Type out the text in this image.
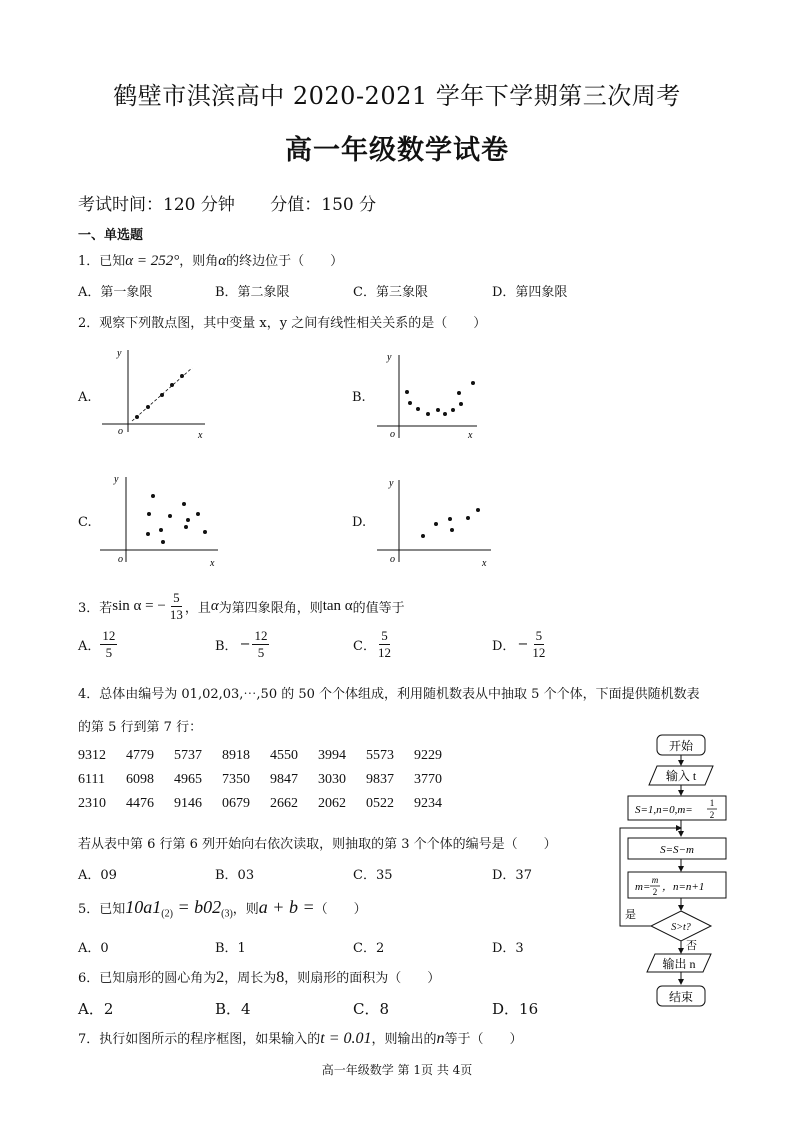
鹤壁市淇滨高中 2020-2021 学年下学期第三次周考
高一年级数学试卷
考试时间：120 分钟 分值：150 分
一、单选题
1．已知α = 252°，则角α的终边位于（　　）
A．第一象限	B．第二象限	C．第三象限	D．第四象限
2．观察下列散点图，其中变量 x，y 之间有线性相关关系的是（　　）
A.	B.
C.	D.
y
x
o
y
x
o
y
x
o
y
x
o
3．若 sin α = − $\frac{5}{13}$ ，且 α 为第四象限角，则 tan α 的值等于
A． $\frac{12}{5}$	B． − $\frac{12}{5}$	C． $\frac{5}{12}$	D． − $\frac{5}{12}$
4．总体由编号为 01,02,03,⋯,50 的 50 个个体组成，利用随机数表从中抽取 5 个个体，下面提供随机数表
的第 5 行到第 7 行：
9312 4779 5737 8918 4550 3994 5573 9229
6111 6098 4965 7350 9847 3030 9837 3770
2310 4476 9146 0679 2662 2062 0522 9234
若从表中第 6 行第 6 列开始向右依次读取，则抽取的第 3 个个体的编号是（　　）
A．09	B．03	C．35	D．37
5．已知$10a1_{(2)} = b02_{(3)}$，则a + b =（　　）
A．0	B．1	C．2	D．3
6．已知扇形的圆心角为2，周长为8，则扇形的面积为（　　）
A．2	B．4	C．8	D．16
7．执行如图所示的程序框图，如果输入的t = 0.01，则输出的n等于（　　）
开始
输入 t
S=1,n=0,m=
1
2
S=S−m
m=
m
2 ，n=n+1
S>t?
是
否
输出 n
结束
高一年级数学 第 1页 共 4页
